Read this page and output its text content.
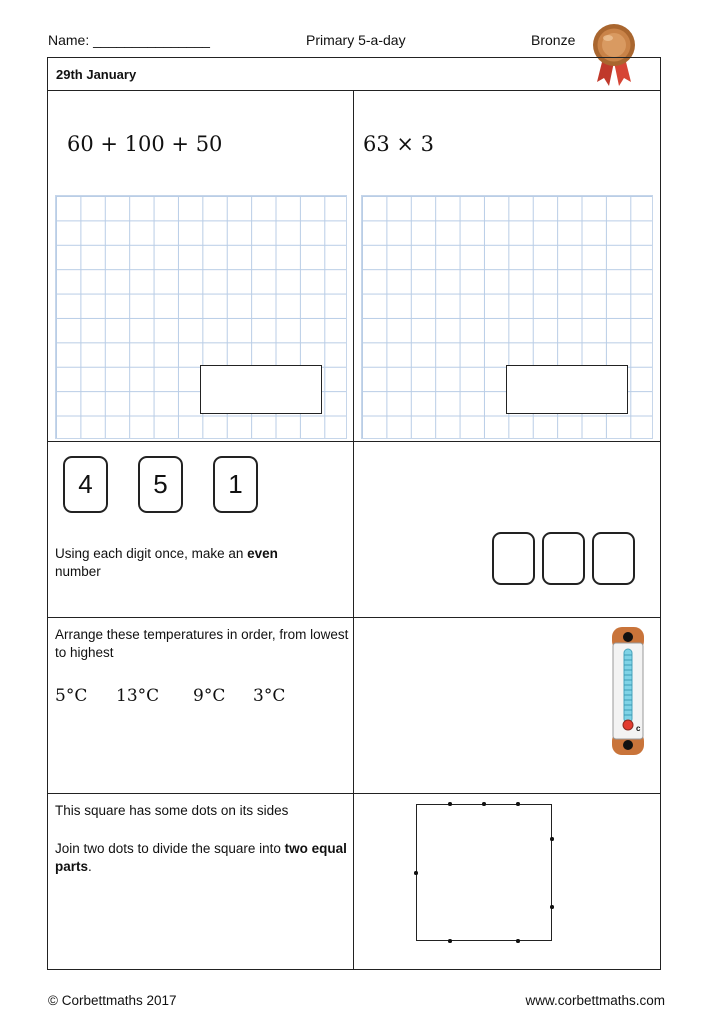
Name: _______________	Primary 5-a-day	Bronze
29th January
60 + 100 + 50	63 × 3
4	5	1
Using each digit once, make an even
number
Arrange these temperatures in order, from lowest to highest
5°C 13°C 9°C 3°C
c
This square has some dots on its sides
Join two dots to divide the square into two equal parts.
© Corbettmaths 2017	www.corbettmaths.com
